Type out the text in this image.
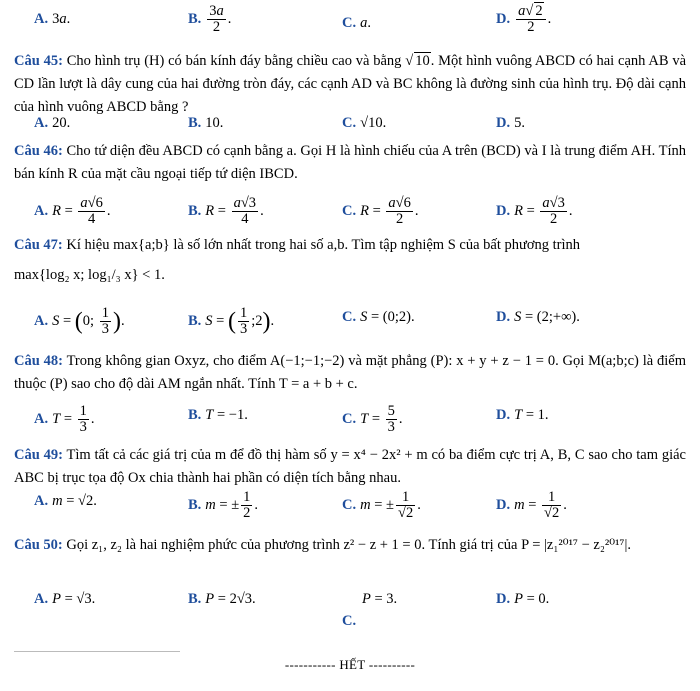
A. 3a.	B. $\frac{3a}{2}$ .	C. a.	D. $\frac{a√ 2}{2}$ .
Câu 45: Cho hình trụ (H) có bán kính đáy bằng chiều cao và bằng √ 10. Một hình vuông ABCD có hai cạnh AB và CD lần lượt là dây cung của hai đường tròn đáy, các cạnh AD và BC không là đường sinh của hình trụ. Độ dài cạnh của hình vuông ABCD bằng ?
A. 20.	B. 10.	C. √10.	D. 5.
Câu 46: Cho tứ diện đều ABCD có cạnh bằng a. Gọi H là hình chiếu của A trên (BCD) và I là trung điểm AH. Tính bán kính R của mặt cầu ngoại tiếp tứ diện IBCD.
A. $R = \frac{a√6}{4}$ .	B. $R = \frac{a√3}{4}$ .	C. $R = \frac{a√6}{2}$ .	D. $R = \frac{a√3}{2}$ .
Câu 47: Kí hiệu max{a;b} là số lớn nhất trong hai số a,b. Tìm tập nghiệm S của bất phương trình
max{log₂ x; log₁/₃ x} < 1.
A. S = (0; $\frac{1}{3}$ ).	B. S = ( $\frac{1}{3}$ ;2).	C. S = (0;2).	D. S = (2;+∞).
Câu 48: Trong không gian Oxyz, cho điểm A(−1;−1;−2) và mặt phẳng (P): x + y + z − 1 = 0. Gọi M(a;b;c) là điểm thuộc (P) sao cho độ dài AM ngắn nhất. Tính T = a + b + c.
A. $T = \frac{1}{3}$ .	B. T = −1.	C. $T = \frac{5}{3}$ .	D. T = 1.
Câu 49: Tìm tất cả các giá trị của m để đồ thị hàm số y = x⁴ − 2x² + m có ba điểm cực trị A, B, C sao cho tam giác ABC bị trục tọa độ Ox chia thành hai phần có diện tích bằng nhau.
A. m = √2.	B. m = ± $\frac{1}{2}$ .	C. m = ± $\frac{1}{√2}$ .	D. $m = \frac{1}{√2}$ .
Câu 50: Gọi z₁, z₂ là hai nghiệm phức của phương trình z² − z + 1 = 0. Tính giá trị của P = |z₁²⁰¹⁷ − z₂²⁰¹⁷|.
A. P = √3.	B. P = 2√3.	P = 3.	D. P = 0.
C.
----------- HẾT ----------
